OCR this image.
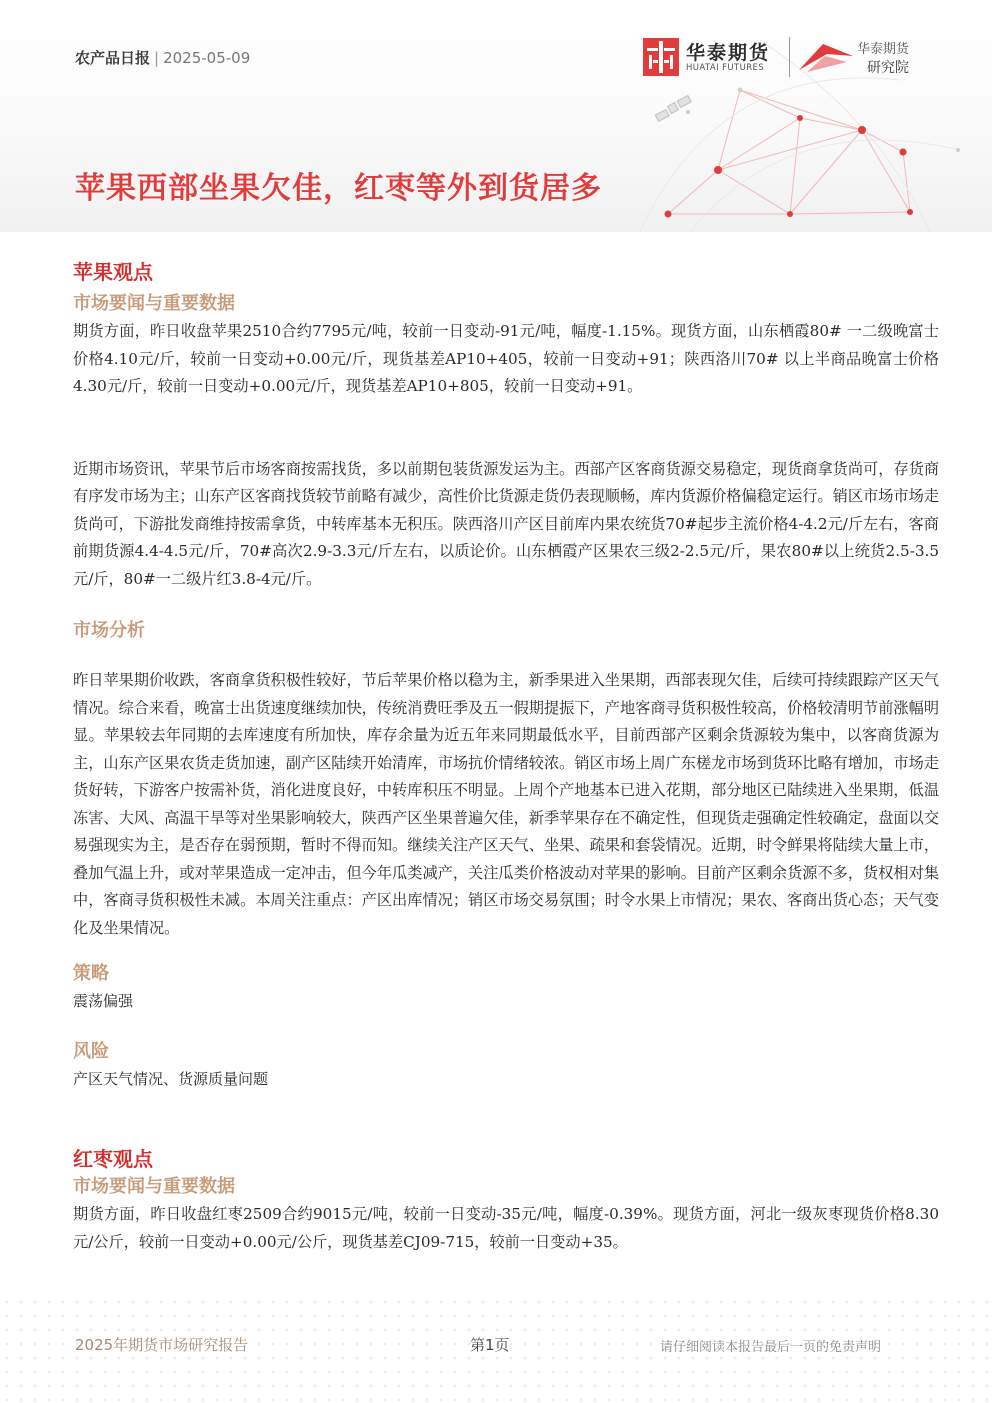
农产品日报 | 2025-05-09	华泰期货
HUATAI FUTURES
华泰期货
研究院
苹果西部坐果欠佳，红枣等外到货居多
苹果观点
市场要闻与重要数据

期货方面，昨日收盘苹果2510合约7795元/吨，较前一日变动-91元/吨，幅度-1.15%。现货方面，山东栖霞80# 一二级晚富士价格4.10元/斤，较前一日变动+0.00元/斤，现货基差AP10+405，较前一日变动+91；陕西洛川70# 以上半商品晚富士价格4.30元/斤，较前一日变动+0.00元/斤，现货基差AP10+805，较前一日变动+91。

近期市场资讯，苹果节后市场客商按需找货，多以前期包装货源发运为主。西部产区客商货源交易稳定，现货商拿货尚可，存货商有序发市场为主；山东产区客商找货较节前略有减少，高性价比货源走货仍表现顺畅，库内货源价格偏稳定运行。销区市场市场走货尚可，下游批发商维持按需拿货，中转库基本无积压。陕西洛川产区目前库内果农统货70#起步主流价格4-4.2元/斤左右，客商前期货源4.4-4.5元/斤，70#高次2.9-3.3元/斤左右，以质论价。山东栖霞产区果农三级2-2.5元/斤，果农80#以上统货2.5-3.5元/斤，80#一二级片红3.8-4元/斤。

市场分析

昨日苹果期价收跌，客商拿货积极性较好，节后苹果价格以稳为主，新季果进入坐果期，西部表现欠佳，后续可持续跟踪产区天气情况。综合来看，晚富士出货速度继续加快，传统消费旺季及五一假期提振下，产地客商寻货积极性较高，价格较清明节前涨幅明显。苹果较去年同期的去库速度有所加快，库存余量为近五年来同期最低水平，目前西部产区剩余货源较为集中，以客商货源为主，山东产区果农货走货加速，副产区陆续开始清库，市场抗价情绪较浓。销区市场上周广东槎龙市场到货环比略有增加，市场走货好转，下游客户按需补货，消化进度良好，中转库积压不明显。上周个产地基本已进入花期，部分地区已陆续进入坐果期，低温冻害、大风、高温干旱等对坐果影响较大，陕西产区坐果普遍欠佳，新季苹果存在不确定性，但现货走强确定性较确定，盘面以交易强现实为主，是否存在弱预期，暂时不得而知。继续关注产区天气、坐果、疏果和套袋情况。近期，时令鲜果将陆续大量上市，叠加气温上升，或对苹果造成一定冲击，但今年瓜类减产，关注瓜类价格波动对苹果的影响。目前产区剩余货源不多，货权相对集中，客商寻货积极性未减。本周关注重点：产区出库情况；销区市场交易氛围；时令水果上市情况；果农、客商出货心态；天气变化及坐果情况。

策略

震荡偏强

风险

产区天气情况、货源质量问题

红枣观点
市场要闻与重要数据

期货方面，昨日收盘红枣2509合约9015元/吨，较前一日变动-35元/吨，幅度-0.39%。现货方面，河北一级灰枣现货价格8.30元/公斤，较前一日变动+0.00元/公斤，现货基差CJ09-715，较前一日变动+35。

2025年期货市场研究报告	第1页	请仔细阅读本报告最后一页的免责声明
